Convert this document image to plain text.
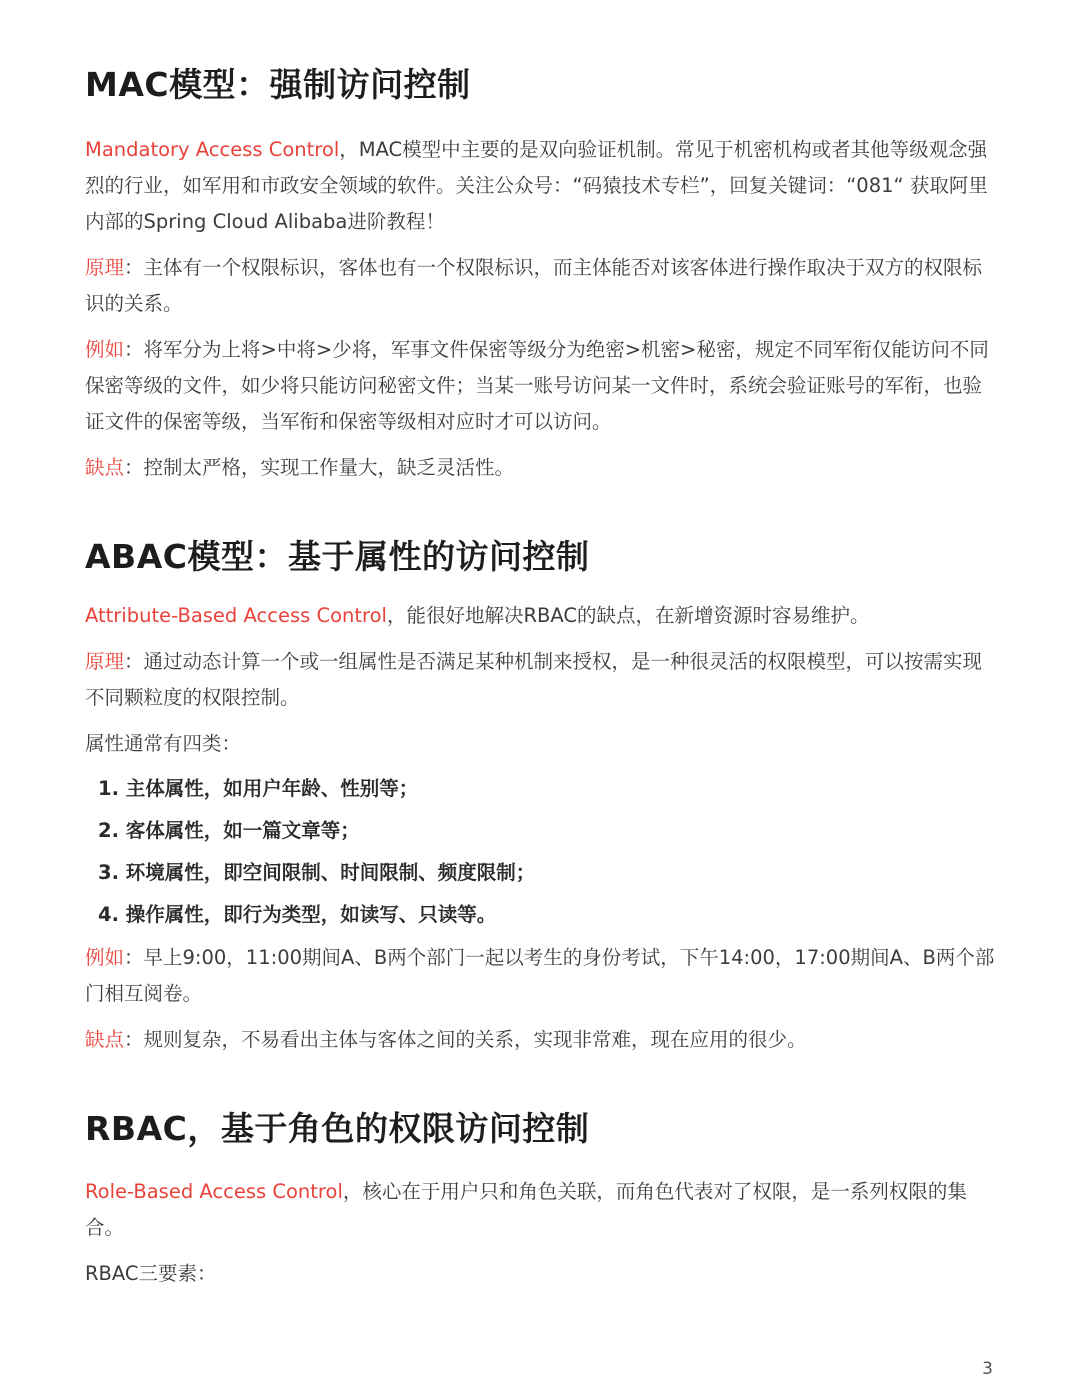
MAC模型：强制访问控制

Mandatory Access Control，MAC模型中主要的是双向验证机制。常见于机密机构或者其他等级观念强烈的行业，如军用和市政安全领域的软件。关注公众号：“码猿技术专栏”，回复关键词：“081“ 获取阿里内部的Spring Cloud Alibaba进阶教程！

原理：主体有一个权限标识，客体也有一个权限标识，而主体能否对该客体进行操作取决于双方的权限标识的关系。

例如：将军分为上将>中将>少将，军事文件保密等级分为绝密>机密>秘密，规定不同军衔仅能访问不同保密等级的文件，如少将只能访问秘密文件；当某一账号访问某一文件时，系统会验证账号的军衔，也验证文件的保密等级，当军衔和保密等级相对应时才可以访问。

缺点：控制太严格，实现工作量大，缺乏灵活性。

ABAC模型：基于属性的访问控制

Attribute-Based Access Control，能很好地解决RBAC的缺点，在新增资源时容易维护。

原理：通过动态计算一个或一组属性是否满足某种机制来授权，是一种很灵活的权限模型，可以按需实现不同颗粒度的权限控制。

属性通常有四类：

1. 主体属性，如用户年龄、性别等；
2. 客体属性，如一篇文章等；
3. 环境属性，即空间限制、时间限制、频度限制；
4. 操作属性，即行为类型，如读写、只读等。

例如：早上9:00，11:00期间A、B两个部门一起以考生的身份考试，下午14:00，17:00期间A、B两个部门相互阅卷。

缺点：规则复杂，不易看出主体与客体之间的关系，实现非常难，现在应用的很少。

RBAC，基于角色的权限访问控制

Role-Based Access Control，核心在于用户只和角色关联，而角色代表对了权限，是一系列权限的集合。

RBAC三要素：

3
